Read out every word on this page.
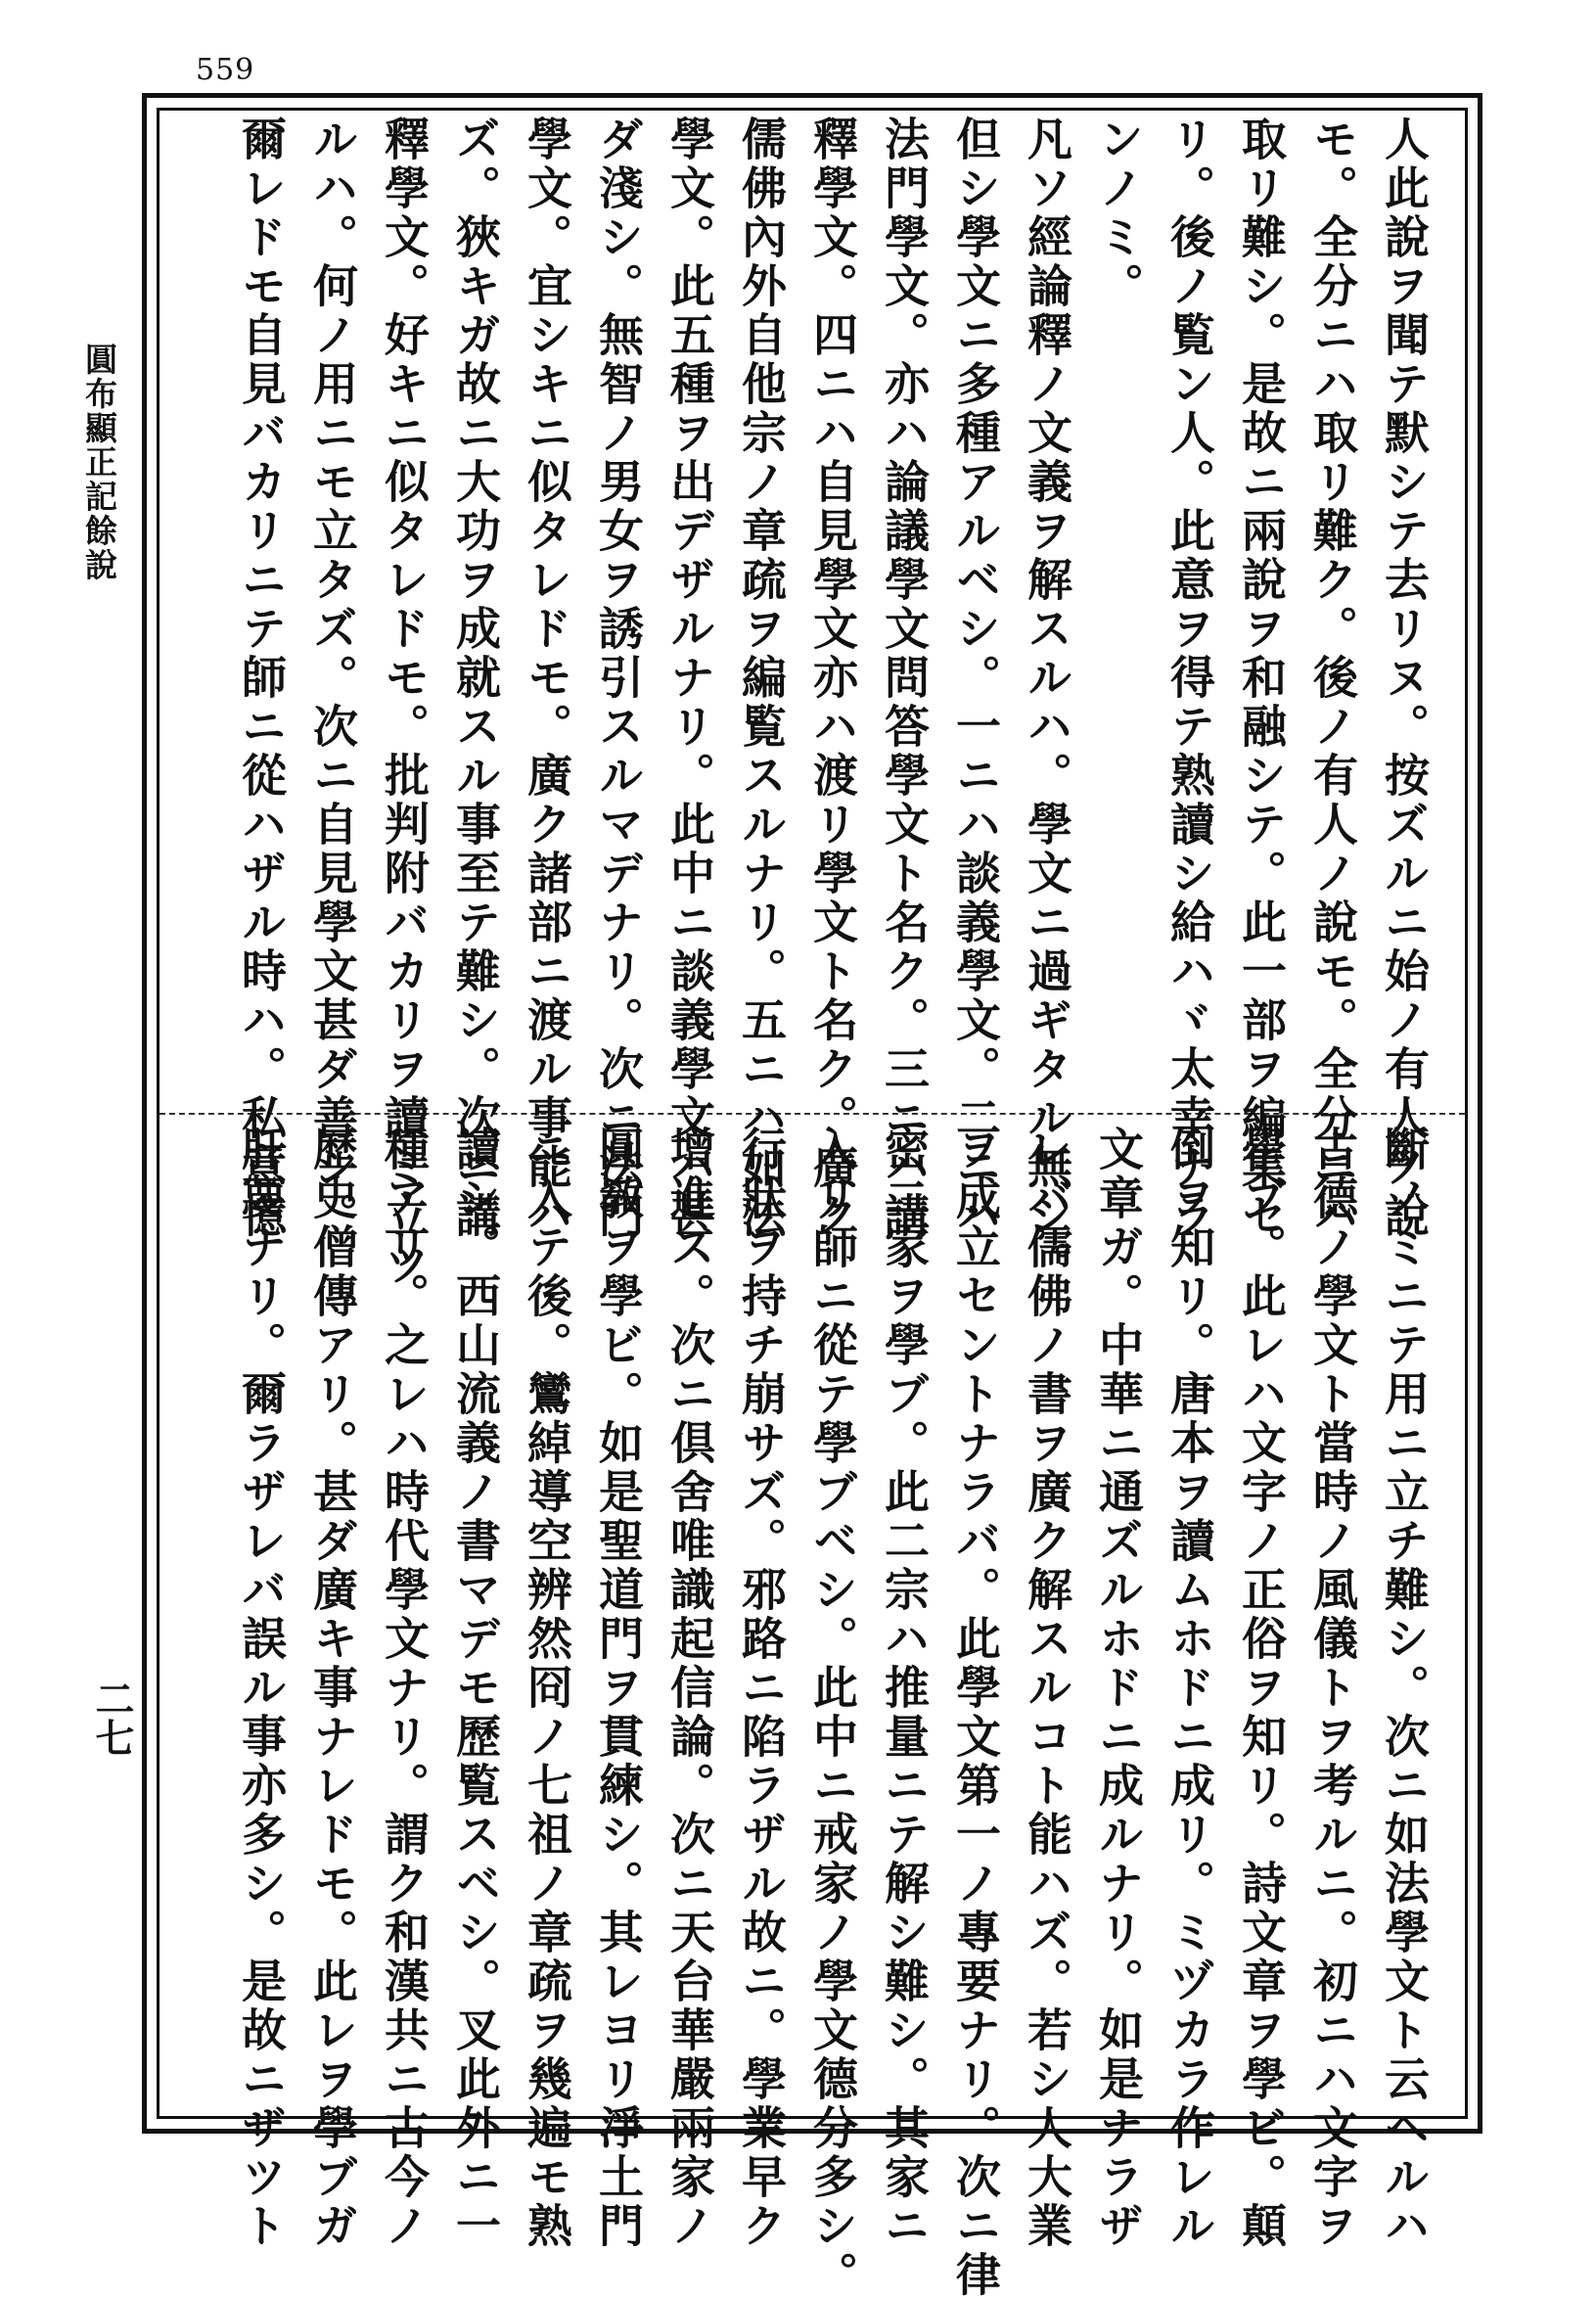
559
圓布顯正記餘說
二七
人此說ヲ聞テ默シテ去リヌ。按ズルニ始ノ有人ノ說
モ。全分ニハ取リ難ク。後ノ有人ノ說モ。全分ニハ
取リ難シ。是故ニ兩說ヲ和融シテ。此一部ヲ編集セ
リ。後ノ覧ン人。此意ヲ得テ熟讀シ給ハヾ太幸ナラ
ンノミ。
凡ソ經論釋ノ文義ヲ解スルハ。學文ニ過ギタル無シ。
但シ學文ニ多種アルベシ。一ニハ談義學文。二ニハ
法門學文。亦ハ論議學文問答學文ト名ク。三ニハ講
釋學文。四ニハ自見學文亦ハ渡リ學文ト名ク。廣ク
儒佛內外自他宗ノ章疏ヲ編覧スルナリ。五ニハ如法
學文。此五種ヲ出デザルナリ。此中ニ談義學文ハ甚
ダ淺シ。無智ノ男女ヲ誘引スルマデナリ。次ニ法門
學文。宜シキニ似タレドモ。廣ク諸部ニ渡ル事能ハ
ズ。狹キガ故ニ大功ヲ成就スル事至テ難シ。次ニ講
釋學文。好キニ似タレドモ。批判附バカリヲ讀ミ立ツ
ルハ。何ノ用ニモ立タズ。次ニ自見學文甚ダ善シ。
爾レドモ自見バカリニテ師ニ從ハザル時ハ。私意憶
斷ノミニテ用ニ立チ難シ。次ニ如法學文ト云ヘルハ
古德ノ學文ト當時ノ風儀トヲ考ルニ。初ニハ文字ヲ
學ブ。此レハ文字ノ正俗ヲ知リ。詩文章ヲ學ビ。顛
倒ヲ知リ。唐本ヲ讀ムホドニ成リ。ミヅカラ作レル
文章ガ。中華ニ通ズルホドニ成ルナリ。如是ナラザ
レバ儒佛ノ書ヲ廣ク解スルコト能ハズ。若シ人大業
ヲ成立セントナラバ。此學文第一ノ專要ナリ。次ニ律
密二家ヲ學ブ。此二宗ハ推量ニテ解シ難シ。其家ニ
入リ師ニ從テ學ブベシ。此中ニ戒家ノ學文德分多シ。
行狀ヲ持チ崩サズ。邪路ニ陷ラザル故ニ。學業早ク
增進ス。次ニ倶舍唯識起信論。次ニ天台華嚴兩家ノ
圓敎ヲ學ビ。如是聖道門ヲ貫練シ。其レヨリ淨土門
ニ入テ後。鸞綽導空辨然冏ノ七祖ノ章疏ヲ幾遍モ熟
讀シ。西山流義ノ書マデモ歷覧スベシ。叉此外ニ一
種アリ。之レハ時代學文ナリ。謂ク和漢共ニ古今ノ
歷史僧傳アリ。甚ダ廣キ事ナレドモ。此レヲ學ブガ
肝要ナリ。爾ラザレバ誤ル事亦多シ。是故ニザツト
